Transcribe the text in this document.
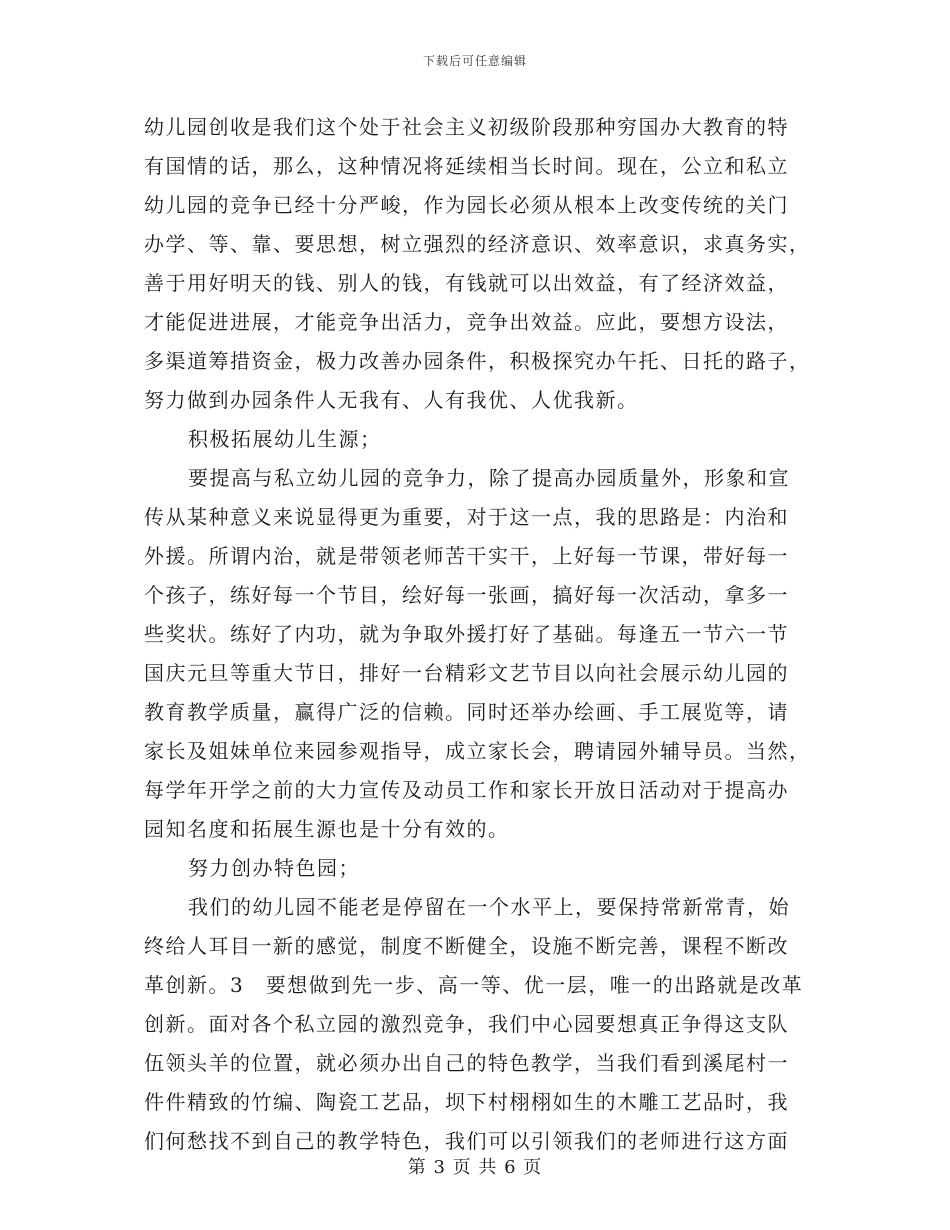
下载后可任意编辑
幼儿园创收是我们这个处于社会主义初级阶段那种穷国办大教育的特
有国情的话，那么，这种情况将延续相当长时间。现在，公立和私立
幼儿园的竞争已经十分严峻，作为园长必须从根本上改变传统的关门
办学、等、靠、要思想，树立强烈的经济意识、效率意识，求真务实，
善于用好明天的钱、别人的钱，有钱就可以出效益，有了经济效益，
才能促进进展，才能竞争出活力，竞争出效益。应此，要想方设法，
多渠道筹措资金，极力改善办园条件，积极探究办午托、日托的路子，
努力做到办园条件人无我有、人有我优、人优我新。
积极拓展幼儿生源；
要提高与私立幼儿园的竞争力，除了提高办园质量外，形象和宣
传从某种意义来说显得更为重要，对于这一点，我的思路是：内治和
外援。所谓内治，就是带领老师苦干实干，上好每一节课，带好每一
个孩子，练好每一个节目，绘好每一张画，搞好每一次活动，拿多一
些奖状。练好了内功，就为争取外援打好了基础。每逢五一节六一节
国庆元旦等重大节日，排好一台精彩文艺节目以向社会展示幼儿园的
教育教学质量，赢得广泛的信赖。同时还举办绘画、手工展览等，请
家长及姐妹单位来园参观指导，成立家长会，聘请园外辅导员。当然，
每学年开学之前的大力宣传及动员工作和家长开放日活动对于提高办
园知名度和拓展生源也是十分有效的。
努力创办特色园；
我们的幼儿园不能老是停留在一个水平上，要保持常新常青，始
终给人耳目一新的感觉，制度不断健全，设施不断完善，课程不断改
革创新。3　要想做到先一步、高一等、优一层，唯一的出路就是改革
创新。面对各个私立园的激烈竞争，我们中心园要想真正争得这支队
伍领头羊的位置，就必须办出自己的特色教学，当我们看到溪尾村一
件件精致的竹编、陶瓷工艺品，坝下村栩栩如生的木雕工艺品时，我
们何愁找不到自己的教学特色，我们可以引领我们的老师进行这方面
第 3 页 共 6 页
